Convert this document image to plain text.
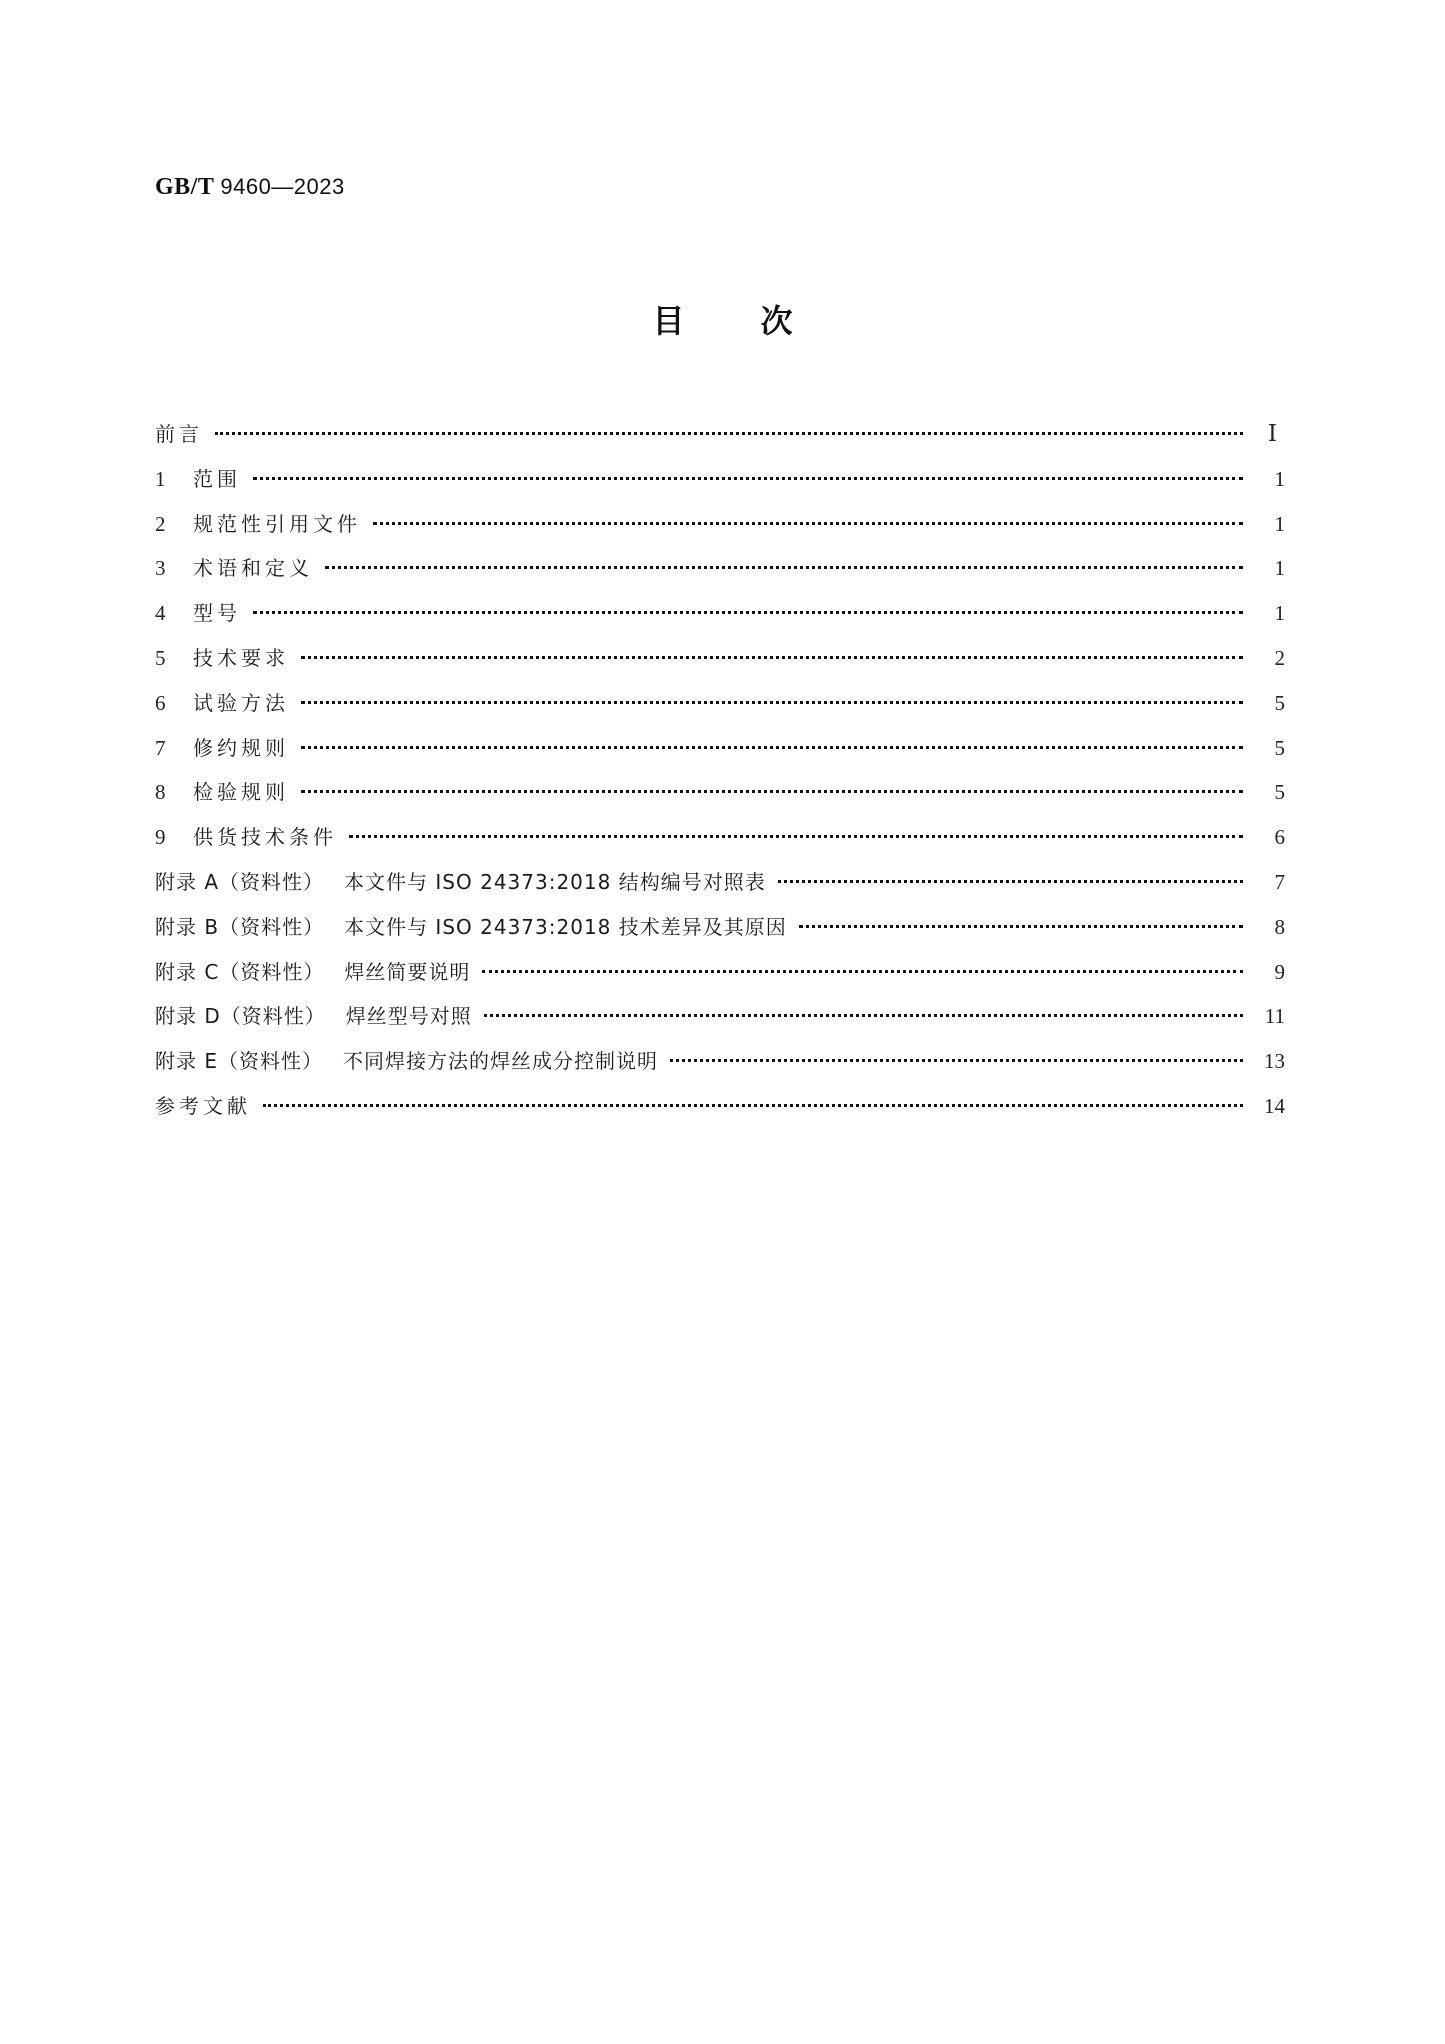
GB/T 9460—2023
目次
前言	Ⅰ
1	范围	1
2	规范性引用文件	1
3	术语和定义	1
4	型号	1
5	技术要求	2
6	试验方法	5
7	修约规则	5
8	检验规则	5
9	供货技术条件	6
附录 A（资料性） 本文件与 ISO 24373:2018 结构编号对照表	7
附录 B（资料性） 本文件与 ISO 24373:2018 技术差异及其原因	8
附录 C（资料性） 焊丝简要说明	9
附录 D（资料性） 焊丝型号对照	11
附录 E（资料性） 不同焊接方法的焊丝成分控制说明	13
参考文献	14
